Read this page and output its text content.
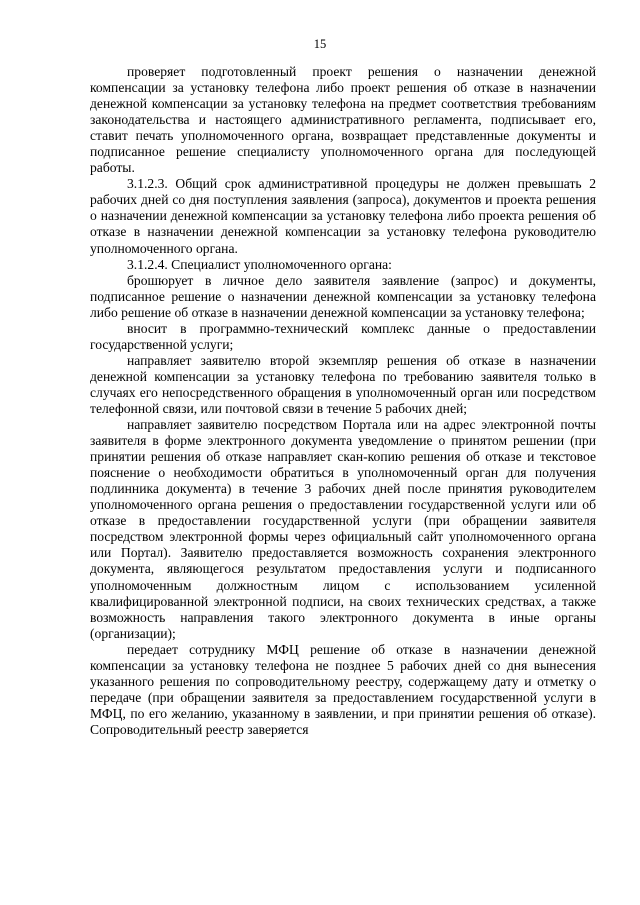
15

проверяет подготовленный проект решения о назначении денежной компенсации за установку телефона либо проект решения об отказе в назначении денежной компенсации за установку телефона на предмет соответствия требованиям законодательства и настоящего административного регламента, подписывает его, ставит печать уполномоченного органа, возвращает представленные документы и подписанное решение специалисту уполномоченного органа для последующей работы.

3.1.2.3. Общий срок административной процедуры не должен превышать 2 рабочих дней со дня поступления заявления (запроса), документов и проекта решения о назначении денежной компенсации за установку телефона либо проекта решения об отказе в назначении денежной компенсации за установку телефона руководителю уполномоченного органа.

3.1.2.4. Специалист уполномоченного органа:

брошюрует в личное дело заявителя заявление (запрос) и документы, подписанное решение о назначении денежной компенсации за установку телефона либо решение об отказе в назначении денежной компенсации за установку телефона;

вносит в программно-технический комплекс данные о предоставлении государственной услуги;

направляет заявителю второй экземпляр решения об отказе в назначении денежной компенсации за установку телефона по требованию заявителя только в случаях его непосредственного обращения в уполномоченный орган или посредством телефонной связи, или почтовой связи в течение 5 рабочих дней;

направляет заявителю посредством Портала или на адрес электронной почты заявителя в форме электронного документа уведомление о принятом решении (при принятии решения об отказе направляет скан-копию решения об отказе и текстовое пояснение о необходимости обратиться в уполномоченный орган для получения подлинника документа) в течение 3 рабочих дней после принятия руководителем уполномоченного органа решения о предоставлении государственной услуги или об отказе в предоставлении государственной услуги (при обращении заявителя посредством электронной формы через официальный сайт уполномоченного органа или Портал). Заявителю предоставляется возможность сохранения электронного документа, являющегося результатом предоставления услуги и подписанного уполномоченным должностным лицом с использованием усиленной квалифицированной электронной подписи, на своих технических средствах, а также возможность направления такого электронного документа в иные органы (организации);

передает сотруднику МФЦ решение об отказе в назначении денежной компенсации за установку телефона не позднее 5 рабочих дней со дня вынесения указанного решения по сопроводительному реестру, содержащему дату и отметку о передаче (при обращении заявителя за предоставлением государственной услуги в МФЦ, по его желанию, указанному в заявлении, и при принятии решения об отказе). Сопроводительный реестр заверяется
